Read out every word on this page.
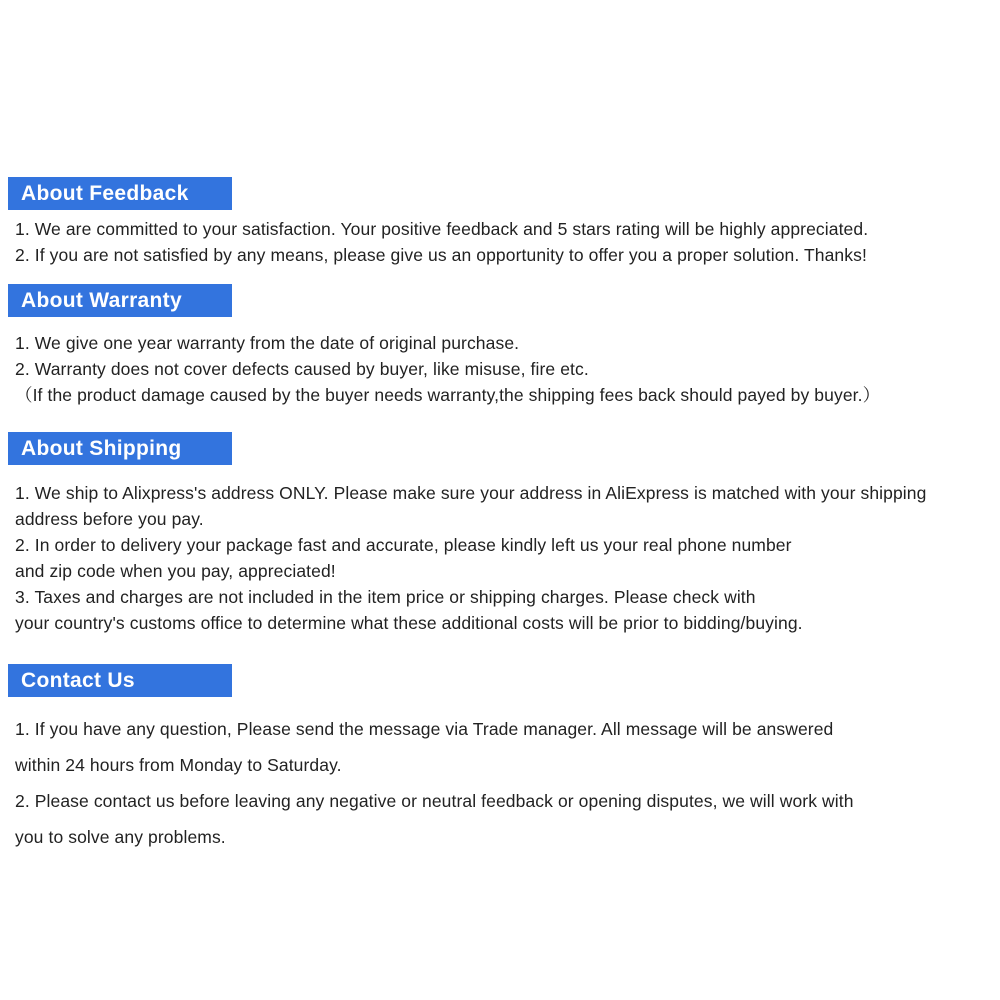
About Feedback

1. We are committed to your satisfaction. Your positive feedback and 5 stars rating will be highly appreciated.

2. If you are not satisfied by any means, please give us an opportunity to offer you a proper solution. Thanks!

About Warranty

1. We give one year warranty from the date of original purchase.

2. Warranty does not cover defects caused by buyer, like misuse, fire etc.

（If the product damage caused by the buyer needs warranty,the shipping fees back should payed by buyer.）

About Shipping

1. We ship to Alixpress's address ONLY. Please make sure your address in AliExpress is matched with your shipping

address before you pay.

2. In order to delivery your package fast and accurate, please kindly left us your real phone number

and zip code when you pay, appreciated!

3. Taxes and charges are not included in the item price or shipping charges. Please check with

your country's customs office to determine what these additional costs will be prior to bidding/buying.

Contact Us

1. If you have any question, Please send the message via Trade manager. All message will be answered

within 24 hours from Monday to Saturday.

2. Please contact us before leaving any negative or neutral feedback or opening disputes, we will work with

you to solve any problems.
